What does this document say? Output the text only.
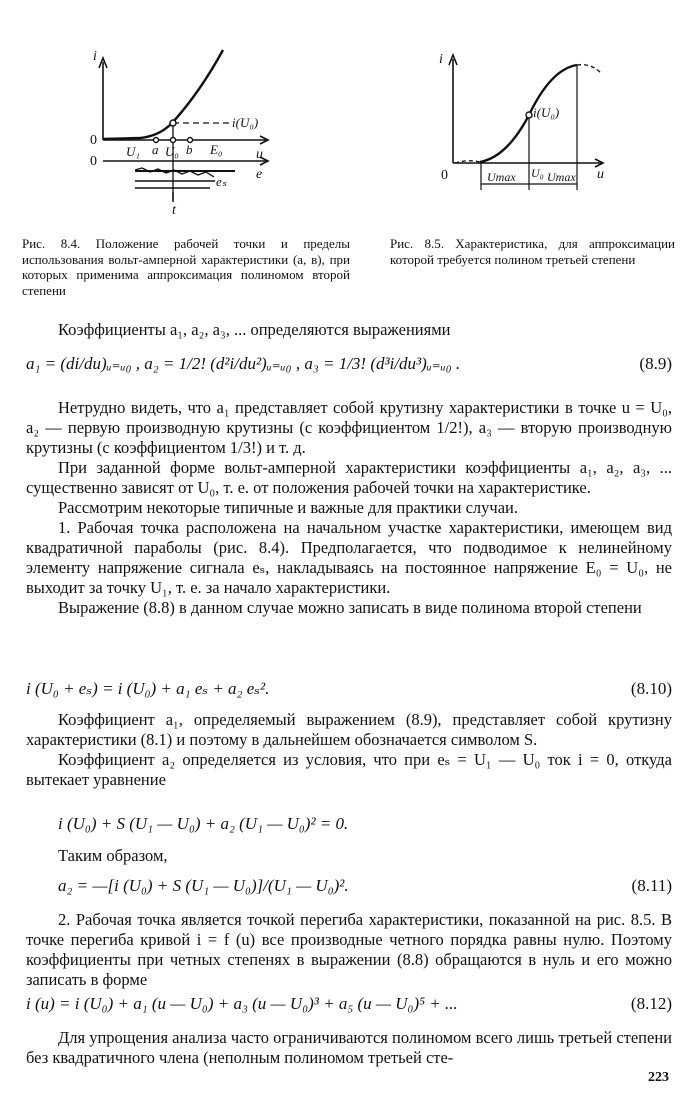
i
u
e
t
0
0
i(U₀)
U₁ a U₀ b E₀
eₛ
Рис. 8.4. Положение рабочей точки и пределы использования вольт-амперной характеристики (а, в), при которых применима аппроксимация полиномом второй степени
i
u
0
i(U₀)
Umax U₀ Umax
Рис. 8.5. Характеристика, для аппроксимации которой требуется полином третьей степени

Коэффициенты a₁, a₂, a₃, ... определяются выражениями

a₁ = (di/du)ᵤ₌ᵤ₀ , a₂ = 1/2! (d²i/du²)ᵤ₌ᵤ₀ , a₃ = 1/3! (d³i/du³)ᵤ₌ᵤ₀ .	(8.9)

Нетрудно видеть, что a₁ представляет собой крутизну характеристики в точке u = U₀, a₂ — первую производную крутизны (с коэффициентом 1/2!), a₃ — вторую производную крутизны (с коэффициентом 1/3!) и т. д.

При заданной форме вольт-амперной характеристики коэффициенты a₁, a₂, a₃, ... существенно зависят от U₀, т. е. от положения рабочей точки на характеристике.

Рассмотрим некоторые типичные и важные для практики случаи.

1. Рабочая точка расположена на начальном участке характеристики, имеющем вид квадратичной параболы (рис. 8.4). Предполагается, что подводимое к нелинейному элементу напряжение сигнала eₛ, накладываясь на постоянное напряжение E₀ = U₀, не выходит за точку U₁, т. е. за начало характеристики.

Выражение (8.8) в данном случае можно записать в виде полинома второй степени

i (U₀ + eₛ) = i (U₀) + a₁ eₛ + a₂ eₛ².	(8.10)

Коэффициент a₁, определяемый выражением (8.9), представляет собой крутизну характеристики (8.1) и поэтому в дальнейшем обозначается символом S.

Коэффициент a₂ определяется из условия, что при eₛ = U₁ — U₀ ток i = 0, откуда вытекает уравнение

i (U₀) + S (U₁ — U₀) + a₂ (U₁ — U₀)² = 0.

Таким образом,

a₂ = —[i (U₀) + S (U₁ — U₀)]/(U₁ — U₀)².	(8.11)

2. Рабочая точка является точкой перегиба характеристики, показанной на рис. 8.5. В точке перегиба кривой i = f (u) все производные четного порядка равны нулю. Поэтому коэффициенты при четных степенях в выражении (8.8) обращаются в нуль и его можно записать в форме

i (u) = i (U₀) + a₁ (u — U₀) + a₃ (u — U₀)³ + a₅ (u — U₀)⁵ + ...	(8.12)

Для упрощения анализа часто ограничиваются полиномом всего лишь третьей степени без квадратичного члена (неполным полиномом третьей сте-

223
